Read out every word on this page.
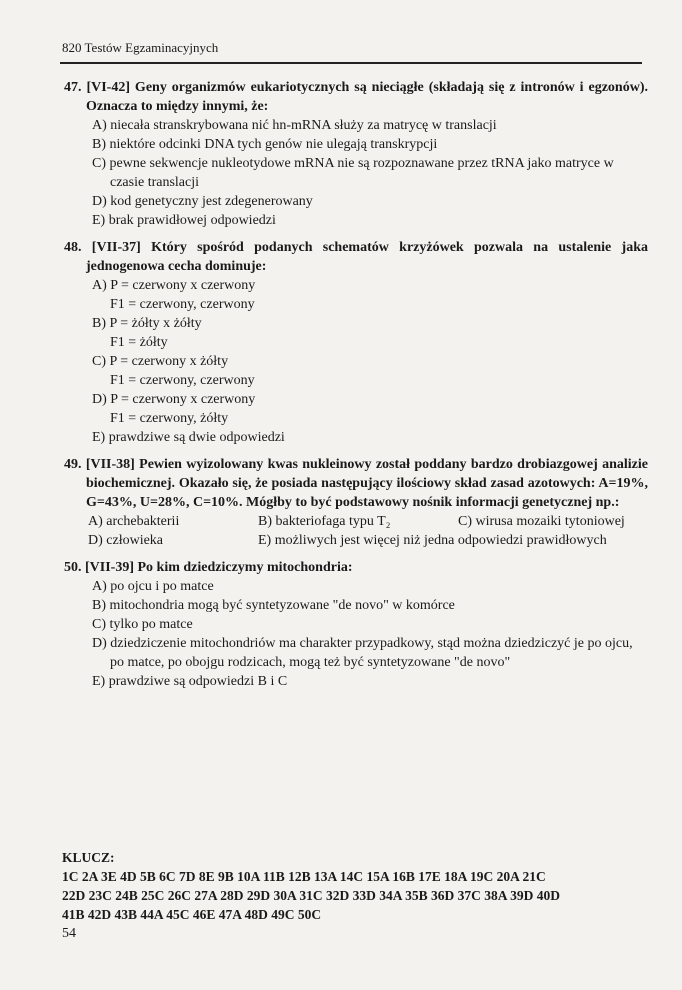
820 Testów Egzaminacyjnych
47. [VI-42] Geny organizmów eukariotycznych są nieciągłe (składają się z intronów i egzonów). Oznacza to między innymi, że:
A) niecała stranskrybowana nić hn-mRNA służy za matrycę w translacji
B) niektóre odcinki DNA tych genów nie ulegają transkrypcji
C) pewne sekwencje nukleotydowe mRNA nie są rozpoznawane przez tRNA jako matryce w czasie translacji
D) kod genetyczny jest zdegenerowany
E) brak prawidłowej odpowiedzi
48. [VII-37] Który spośród podanych schematów krzyżówek pozwala na ustalenie jaka jednogenowa cecha dominuje:
A) P = czerwony x czerwony
F1 = czerwony, czerwony
B) P = żółty x żółty
F1 = żółty
C) P = czerwony x żółty
F1 = czerwony, czerwony
D) P = czerwony x czerwony
F1 = czerwony, żółty
E) prawdziwe są dwie odpowiedzi
49. [VII-38] Pewien wyizolowany kwas nukleinowy został poddany bardzo drobiazgowej analizie biochemicznej. Okazało się, że posiada następujący ilościowy skład zasad azotowych: A=19%, G=43%, U=28%, C=10%. Mógłby to być podstawowy nośnik informacji genetycznej np.:
A) archebakterii	B) bakteriofaga typu T₂	C) wirusa mozaiki tytoniowej
D) człowieka	E) możliwych jest więcej niż jedna odpowiedzi prawidłowych
50. [VII-39] Po kim dziedziczymy mitochondria:
A) po ojcu i po matce
B) mitochondria mogą być syntetyzowane "de novo" w komórce
C) tylko po matce
D) dziedziczenie mitochondriów ma charakter przypadkowy, stąd można dziedziczyć je po ojcu, po matce, po obojgu rodzicach, mogą też być syntetyzowane "de novo"
E) prawdziwe są odpowiedzi B i C
KLUCZ:
1C 2A 3E 4D 5B 6C 7D 8E 9B 10A 11B 12B 13A 14C 15A 16B 17E 18A 19C 20A 21C
22D 23C 24B 25C 26C 27A 28D 29D 30A 31C 32D 33D 34A 35B 36D 37C 38A 39D 40D
41B 42D 43B 44A 45C 46E 47A 48D 49C 50C
54
